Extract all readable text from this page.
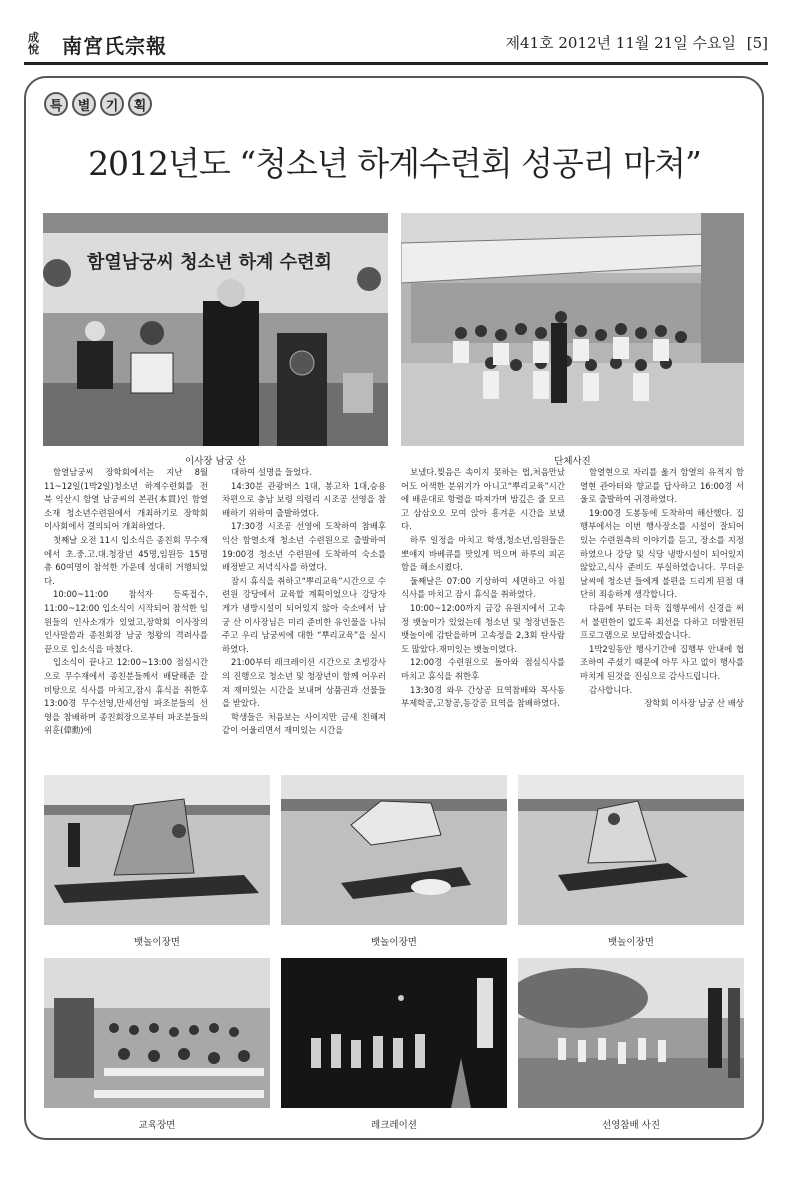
成悅 南宮氏宗報	제41호 2012년 11월 21일 수요일 [5]
특	별	기	획
2012년도 “청소년 하계수련회 성공리 마쳐”
함열남궁씨 청소년 하계 수련회
이사장 남궁 산	단체사진

함열남궁씨 장학회에서는 지난 8월 11~12일(1박2일)청소년 하계수련회를 전북 익산시 함열 남궁씨의 본관(本貫)인 함열소재 청소년수련원에서 개최하기로 장학회 이사회에서 결의되어 개최하였다.

첫째날 오전 11시 입소식은 종친회 무수재에서 초.중.고.대.청장년 45명,임원등 15명 총 60여명이 참석한 가운데 성대히 거행되었다.

10:00~11:00 참석자 등록접수, 11:00~12:00 입소식이 시작되어 참석한 임원들의 인사소개가 있었고,장학회 이사장의 인사말씀과 종친회장 남궁 청왕의 격려사를 끝으로 입소식을 마쳤다.

입소식이 끝나고 12:00~13:00 점심시간으로 무수재에서 종친분들께서 배달해준 갈비탕으로 식사를 마치고,잠시 휴식을 취한후 13:00경 무수선영,만세선영 파조분들의 선영을 참배하며 종친회장으로부터 파조분들의 위훈(偉勳)에

대하여 설명을 들었다.

14:30분 관광버스 1대, 봉고차 1대,승용차편으로 충남 보령 의령리 시조공 선영을 참배하기 위하여 출발하였다.

17:30경 시조공 선영에 도착하여 참배후 익산 함열소재 청소년 수련원으로 출발하여 19:00경 청소년 수련원에 도착하여 숙소를 배정받고 저녁식사를 하였다.

잠시 휴식을 취하고“뿌리교육”시간으로 수련원 강당에서 교육할 계획이었으나 강당자게가 냉방시설이 되어있지 않아 숙소에서 남궁 산 이사장님은 미리 준비한 유인물을 나눠주고 우리 남궁씨에 대한 “뿌리교육”을 실시하였다.

21:00부터 레크레이션 시간으로 초빙강사의 진행으로 청소년 및 청장년이 함께 어우러져 재미있는 시간을 보내며 상품권과 선물들을 받았다.

학생들은 처음보는 사이지만 금새 친해져 같이 어울리면서 재미있는 시간을

보냈다.찢음은 속이지 못하는 법,처음만났어도 어색한 분위기가 아니고“뿌리교육”시간에 배운대로 항렬을 따져가며 밤깊은 줄 모르고 삼삼오오 모여 앉아 흥겨운 시간을 보냈다.

하루 일정을 마치고 학생,청소년,임원들은 뽀얘지 바베큐를 맛있게 먹으며 하루의 피곤함을 해소시켰다.

둘째날은 07:00 기상하여 세면하고 아침식사를 마치고 잠시 휴식을 취하였다.

10:00~12:00까지 금강 유원지에서 고속정 뱃놀이가 있었는데 청소년 및 청장년들은 뱃놀이에 감탄을하며 고속정을 2,3회 탄사람도 많았다.재미있는 뱃놀이였다.

12:00경 수련원으로 돌아와 점심식사를 마치고 휴식을 취한후

13:30경 와우 간상공 묘역참배와 목사동 부제학공,고창공,동강공 묘역을 참배하였다.

함열현으로 자리를 옮겨 함열의 유적지 함열현 관아터와 향교를 답사하고 16:00경 서울로 출발하여 귀경하였다.

19:00경 도봉동에 도착하여 해산했다. 집행부에서는 이번 행사장소를 시설이 잘되어 있는 수련원측의 이야기를 듣고, 장소를 지정하였으나 강당 및 식당 냉방시설이 되어있지 않았고,식사 준비도 부실하였습니다. 무더운 날씨에 청소년 들에게 불편을 드리게 된점 대단히 죄송하게 생각합니다.

다음에 부터는 더욱 집행부에서 신경을 써서 불편한이 없도록 최선을 다하고 더발전된 프로그램으로 보답하겠습니다.

1박2일동안 행사기간에 집행부 안내에 협조하여 주셨기 때문에 아무 사고 없이 행사를 마치게 된것을 진심으로 감사드립니다.

감사합니다.

장학회 이사장 남궁 산 배상

뱃놀이장면	뱃놀이장면	뱃놀이장면
교육장면	레크레이션	선영참배 사진
